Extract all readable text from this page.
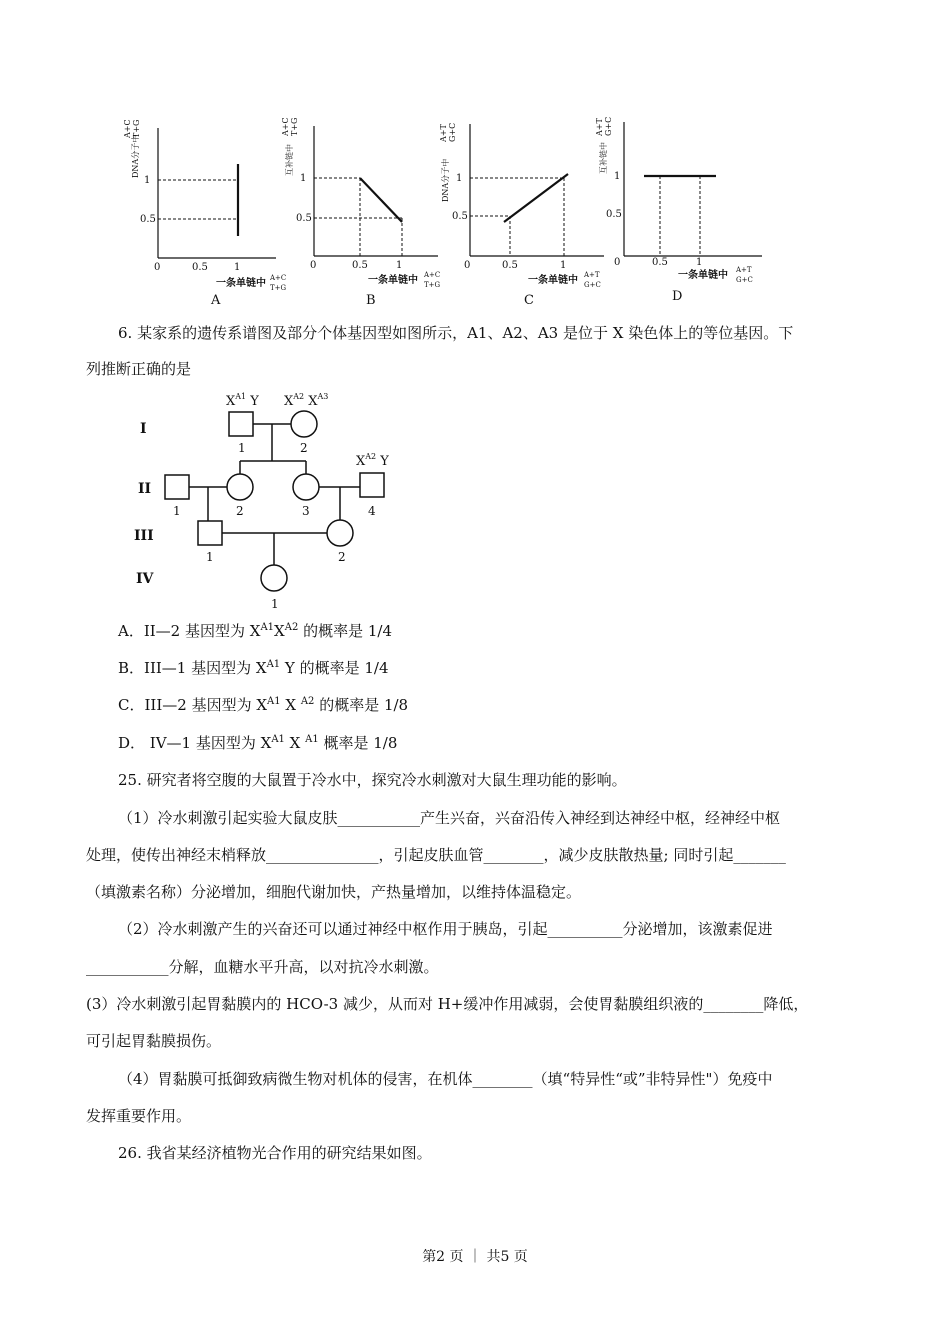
DNA分子中
A+C T+G
1
0.5
0	0.5	1
一条单链中 A+C
T+G
A
互补链中
A+C T+G
1
0.5
0	0.5	1
一条单链中 A+C
T+G
B
DNA分子中
A+T G+C
1
0.5
0	0.5	1
一条单链中 A+T
G+C
C
互补链中
A+T G+C
1
0.5
0	0.5	1
一条单链中 A+T
G+C
D
6. 某家系的遗传系谱图及部分个体基因型如图所示，A1、A2、A3 是位于 X 染色体上的等位基因。下
列推断正确的是
I
II
III
IV
$X^{A1}$ Y $X^{A2}$ $X^{A3}$
$X^{A2}$ Y
1	2
1	2	3	4
1	2
1
A．II—2 基因型为 $X^{A1}X^{A2}$ 的概率是 1/4
B．III—1 基因型为 $X^{A1}$ Y 的概率是 1/4
C．III—2 基因型为 $X^{A1}$ X $^{A2}$ 的概率是 1/8
D． IV—1 基因型为 $X^{A1}$ X $^{A1}$ 概率是 1/8
25. 研究者将空腹的大鼠置于冷水中，探究冷水刺激对大鼠生理功能的影响。
（1）冷水刺激引起实验大鼠皮肤___________产生兴奋，兴奋沿传入神经到达神经中枢，经神经中枢
处理，使传出神经末梢释放_______________，引起皮肤血管________，减少皮肤散热量; 同时引起_______
（填激素名称）分泌增加，细胞代谢加快，产热量增加，以维持体温稳定。
（2）冷水刺激产生的兴奋还可以通过神经中枢作用于胰岛，引起__________分泌增加，该激素促进
___________分解，血糖水平升高，以对抗冷水刺激。
(3）冷水刺激引起胃黏膜内的 HCO-3 减少，从而对 H+缓冲作用减弱，会使胃黏膜组织液的________降低，
可引起胃黏膜损伤。
（4）胃黏膜可抵御致病微生物对机体的侵害，在机体________（填“特异性“或”非特异性"）免疫中
发挥重要作用。
26. 我省某经济植物光合作用的研究结果如图。
第2 页 ｜ 共5 页
